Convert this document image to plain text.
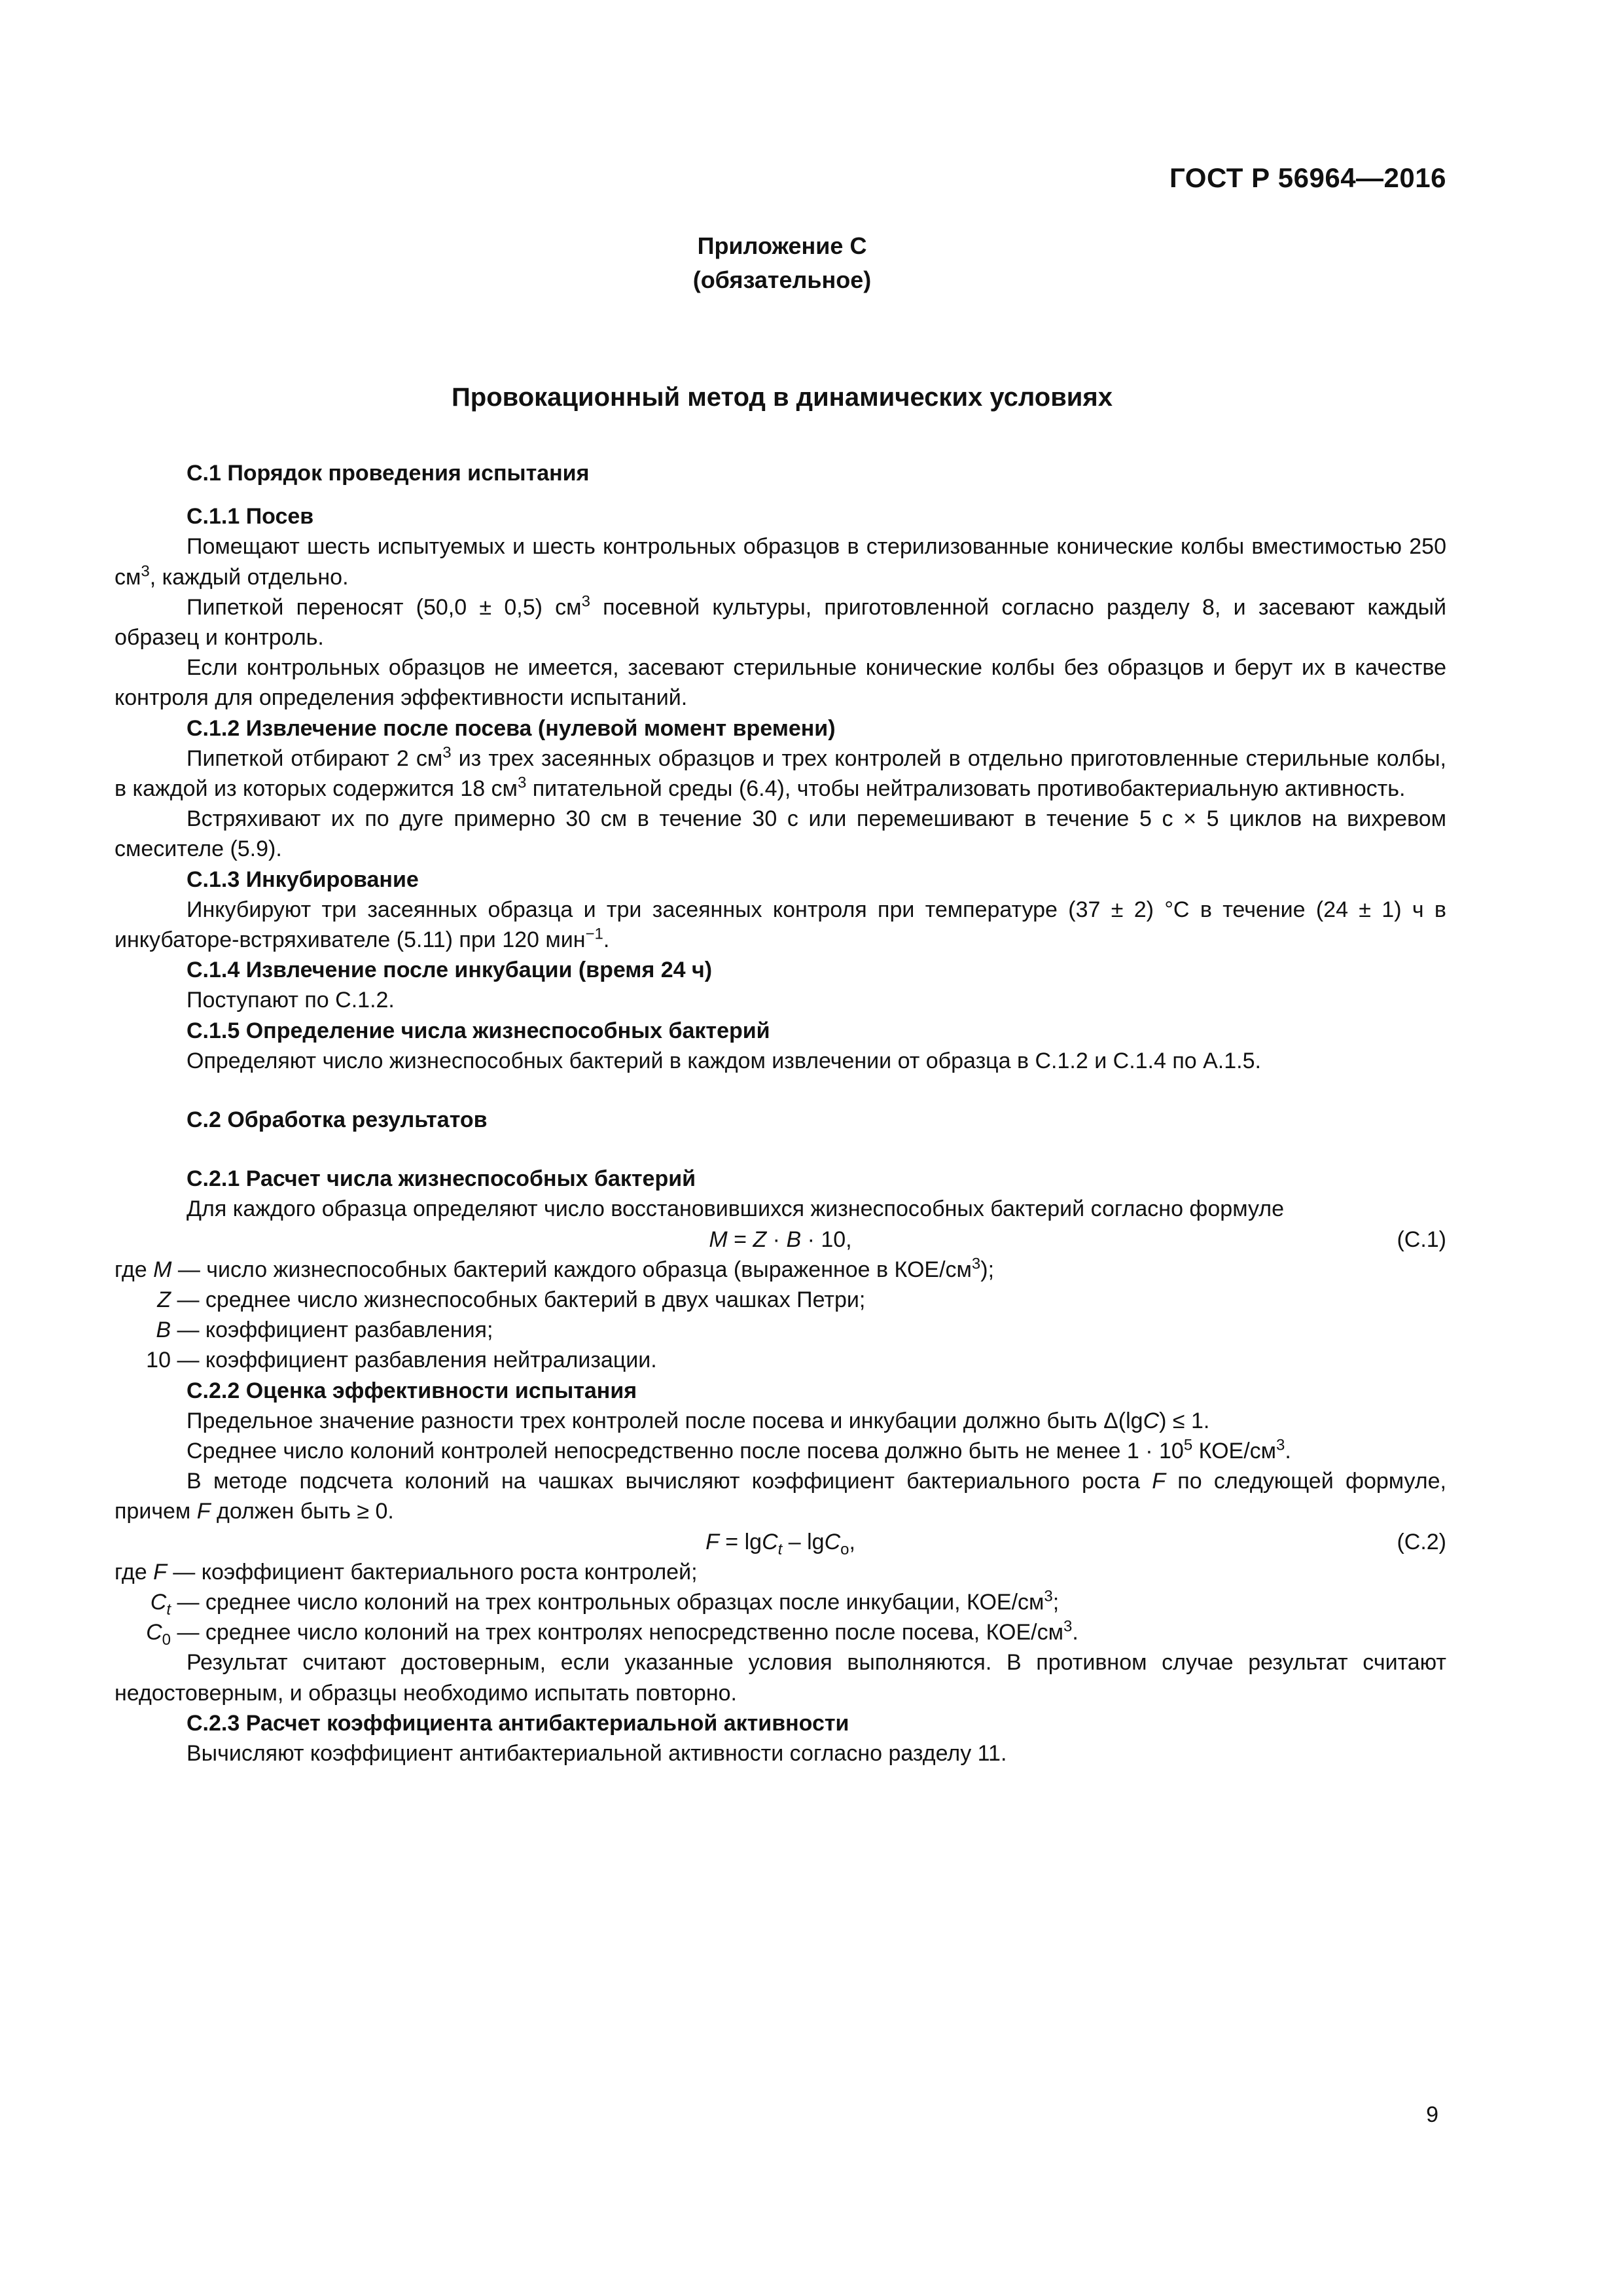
ГОСТ Р 56964—2016
Приложение С
(обязательное)
Провокационный метод в динамических условиях

С.1 Порядок проведения испытания

С.1.1 Посев

Помещают шесть испытуемых и шесть контрольных образцов в стерилизованные конические колбы вместимостью 250 $см^3$, каждый отдельно.

Пипеткой переносят (50,0 ± 0,5) $см^3$ посевной культуры, приготовленной согласно разделу 8, и засевают каждый образец и контроль.

Если контрольных образцов не имеется, засевают стерильные конические колбы без образцов и берут их в качестве контроля для определения эффективности испытаний.

С.1.2 Извлечение после посева (нулевой момент времени)

Пипеткой отбирают 2 $см^3$ из трех засеянных образцов и трех контролей в отдельно приготовленные стерильные колбы, в каждой из которых содержится 18 $см^3$ питательной среды (6.4), чтобы нейтрализовать противобактериальную активность.

Встряхивают их по дуге примерно 30 см в течение 30 с или перемешивают в течение 5 с × 5 циклов на вихревом смесителе (5.9).

С.1.3 Инкубирование

Инкубируют три засеянных образца и три засеянных контроля при температуре (37 ± 2) °С в течение (24 ± 1) ч в инкубаторе-встряхивателе (5.11) при 120 мин$^{-1}$.

С.1.4 Извлечение после инкубации (время 24 ч)

Поступают по С.1.2.

С.1.5 Определение числа жизнеспособных бактерий

Определяют число жизнеспособных бактерий в каждом извлечении от образца в С.1.2 и С.1.4 по А.1.5.

С.2 Обработка результатов

С.2.1 Расчет числа жизнеспособных бактерий

Для каждого образца определяют число восстановившихся жизнеспособных бактерий согласно формуле

M = Z · B · 10,	(С.1)

где M — число жизнеспособных бактерий каждого образца (выраженное в КОЕ/$см^3$);

Z — среднее число жизнеспособных бактерий в двух чашках Петри;

B — коэффициент разбавления;

10 — коэффициент разбавления нейтрализации.

С.2.2 Оценка эффективности испытания

Предельное значение разности трех контролей после посева и инкубации должно быть Δ(lgC) ≤ 1.

Среднее число колоний контролей непосредственно после посева должно быть не менее $1 \cdot 10^5$ КОЕ/$см^3$.

В методе подсчета колоний на чашках вычисляют коэффициент бактериального роста F по следующей формуле, причем F должен быть ≥ 0.

F = lgC$_t$ – lgC$_o$,	(С.2)

где F — коэффициент бактериального роста контролей;

$C_t$ — среднее число колоний на трех контрольных образцах после инкубации, КОЕ/$см^3$;

$C_0$ — среднее число колоний на трех контролях непосредственно после посева, КОЕ/$см^3$.

Результат считают достоверным, если указанные условия выполняются. В противном случае результат считают недостоверным, и образцы необходимо испытать повторно.

С.2.3 Расчет коэффициента антибактериальной активности

Вычисляют коэффициент антибактериальной активности согласно разделу 11.

9
